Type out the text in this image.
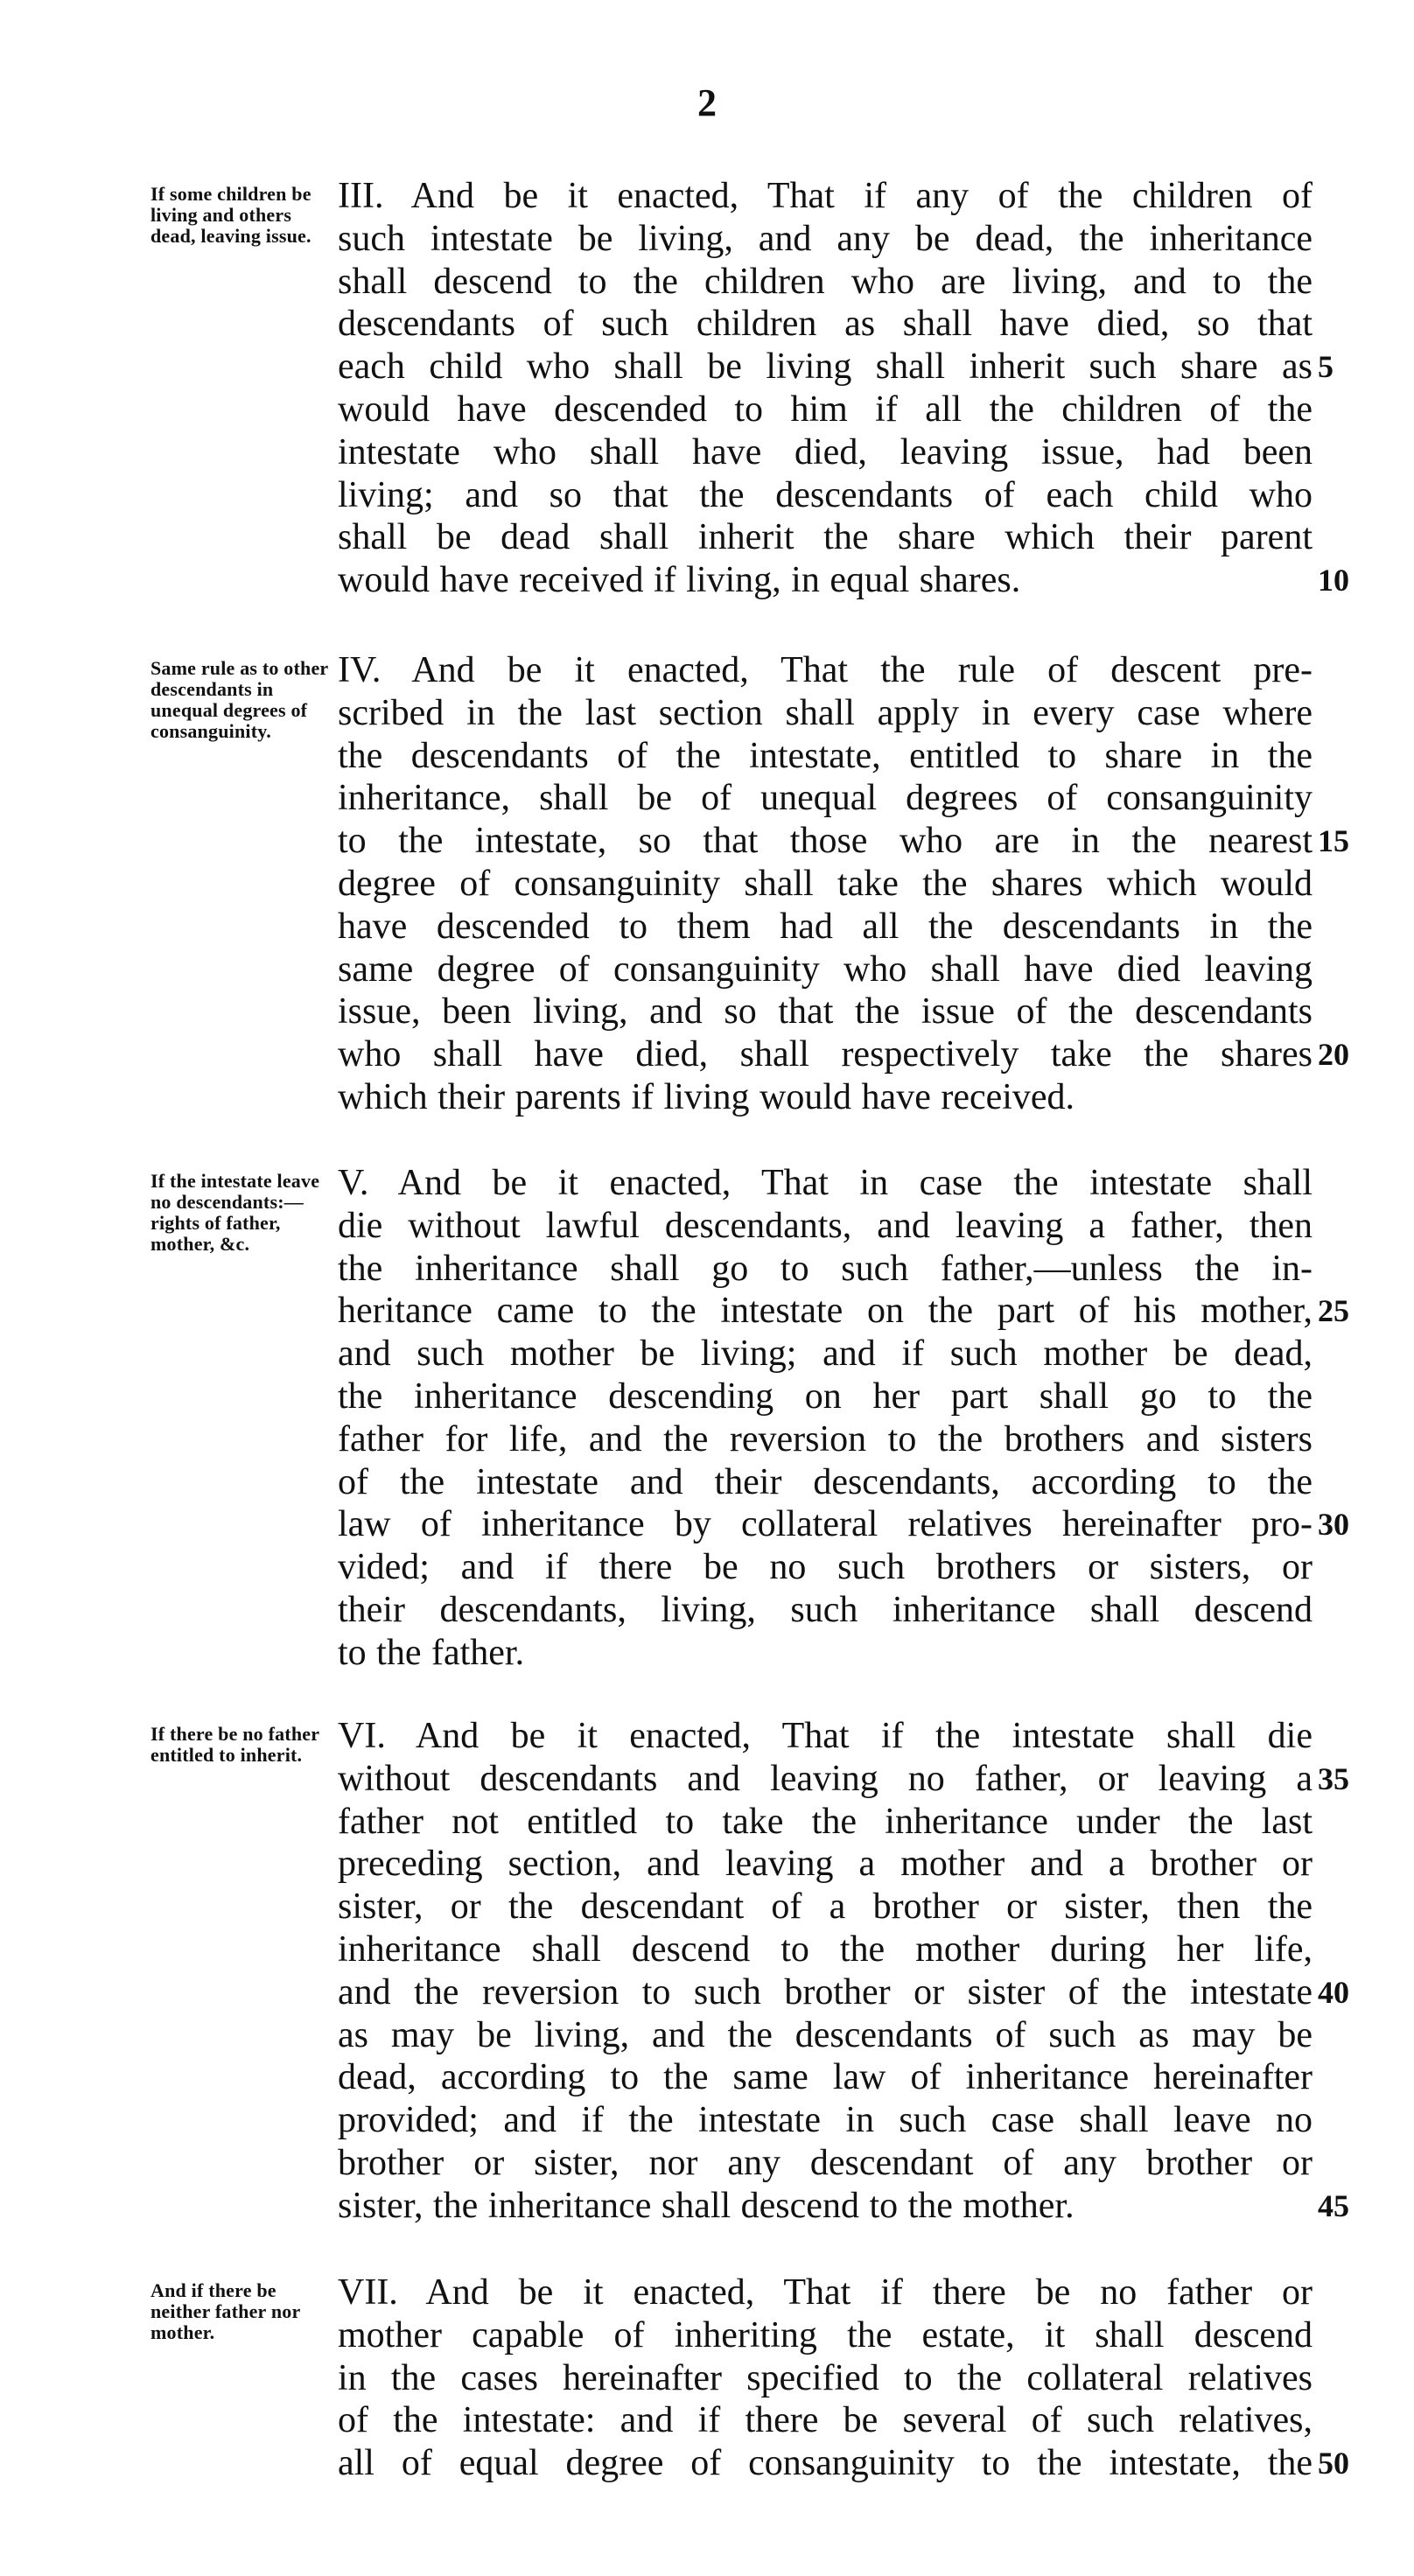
2
If some children be living and others dead, leaving issue.
III. And be it enacted, That if any of the children of
such intestate be living, and any be dead, the inheritance
shall descend to the children who are living, and to the
descendants of such children as shall have died, so that
each child who shall be living shall inherit such share as
would have descended to him if all the children of the
intestate who shall have died, leaving issue, had been
living; and so that the descendants of each child who
shall be dead shall inherit the share which their parent
would have received if living, in equal shares.
Same rule as to other descendants in unequal degrees of consanguinity.
IV. And be it enacted, That the rule of descent pre-
scribed in the last section shall apply in every case where
the descendants of the intestate, entitled to share in the
inheritance, shall be of unequal degrees of consanguinity
to the intestate, so that those who are in the nearest
degree of consanguinity shall take the shares which would
have descended to them had all the descendants in the
same degree of consanguinity who shall have died leaving
issue, been living, and so that the issue of the descendants
who shall have died, shall respectively take the shares
which their parents if living would have received.
If the intestate leave no descendants:—rights of father, mother, &c.
V. And be it enacted, That in case the intestate shall
die without lawful descendants, and leaving a father, then
the inheritance shall go to such father,—unless the in-
heritance came to the intestate on the part of his mother,
and such mother be living; and if such mother be dead,
the inheritance descending on her part shall go to the
father for life, and the reversion to the brothers and sisters
of the intestate and their descendants, according to the
law of inheritance by collateral relatives hereinafter pro-
vided; and if there be no such brothers or sisters, or
their descendants, living, such inheritance shall descend
to the father.
If there be no father entitled to inherit. VI. And be it enacted, That if the intestate shall die
without descendants and leaving no father, or leaving a
father not entitled to take the inheritance under the last
preceding section, and leaving a mother and a brother or
sister, or the descendant of a brother or sister, then the
inheritance shall descend to the mother during her life,
and the reversion to such brother or sister of the intestate
as may be living, and the descendants of such as may be
dead, according to the same law of inheritance hereinafter
provided; and if the intestate in such case shall leave no
brother or sister, nor any descendant of any brother or
sister, the inheritance shall descend to the mother.
And if there be neither father nor mother.
VII. And be it enacted, That if there be no father or
mother capable of inheriting the estate, it shall descend
in the cases hereinafter specified to the collateral relatives
of the intestate: and if there be several of such relatives,
all of equal degree of consanguinity to the intestate, the
5
10
15
20
25
30
35
40
45
50
